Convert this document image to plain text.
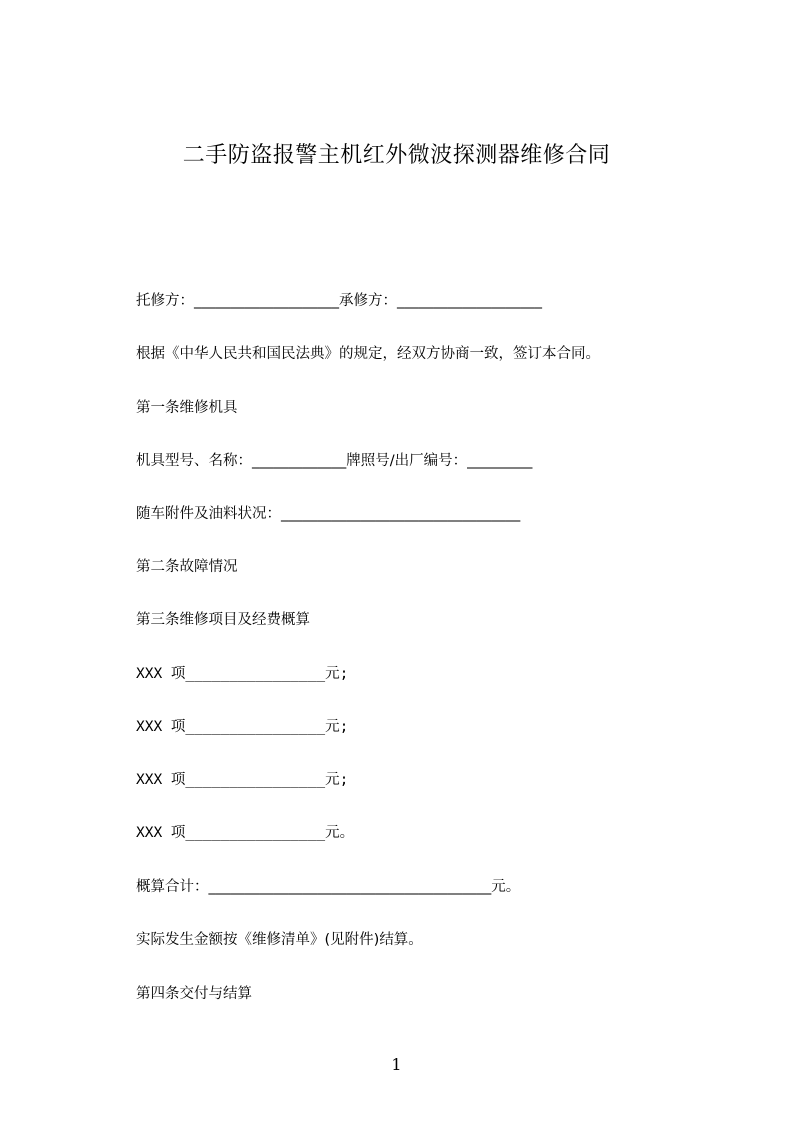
二手防盗报警主机红外微波探测器维修合同
托修方：____________________承修方：____________________
根据《中华人民共和国民法典》的规定，经双方协商一致，签订本合同。
第一条维修机具
机具型号、名称：_____________牌照号/出厂编号：_________
随车附件及油料状况：_________________________________
第二条故障情况
第三条维修项目及经费概算
XXX 项________________元;
XXX 项________________元;
XXX 项________________元;
XXX 项________________元。
概算合计：_______________________________________元。
实际发生金额按《维修清单》(见附件)结算。
第四条交付与结算
1
